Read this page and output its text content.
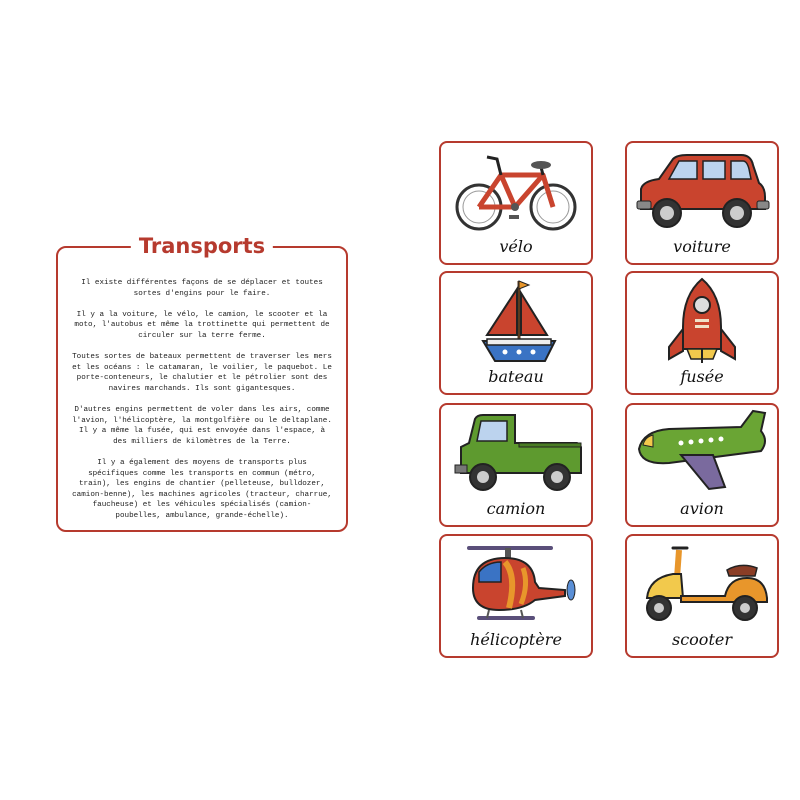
Transports

Il existe différentes façons de se déplacer et toutes sortes d'engins pour le faire.

Il y a la voiture, le vélo, le camion, le scooter et la moto, l'autobus et même la trottinette qui permettent de circuler sur la terre ferme.

Toutes sortes de bateaux permettent de traverser les mers et les océans : le catamaran, le voilier, le paquebot. Le porte-conteneurs, le chalutier et le pétrolier sont des navires marchands. Ils sont gigantesques.

D'autres engins permettent de voler dans les airs, comme l'avion, l'hélicoptère, la montgolfière ou le deltaplane. Il y a même la fusée, qui est envoyée dans l'espace, à des milliers de kilomètres de la Terre.

Il y a également des moyens de transports plus spécifiques comme les transports en commun (métro, train), les engins de chantier (pelleteuse, bulldozer, camion-benne), les machines agricoles (tracteur, charrue, faucheuse) et les véhicules spécialisés (camion-poubelles, ambulance, grande-échelle).

vélo	voiture
bateau	fusée
camion	avion
hélicoptère	scooter
